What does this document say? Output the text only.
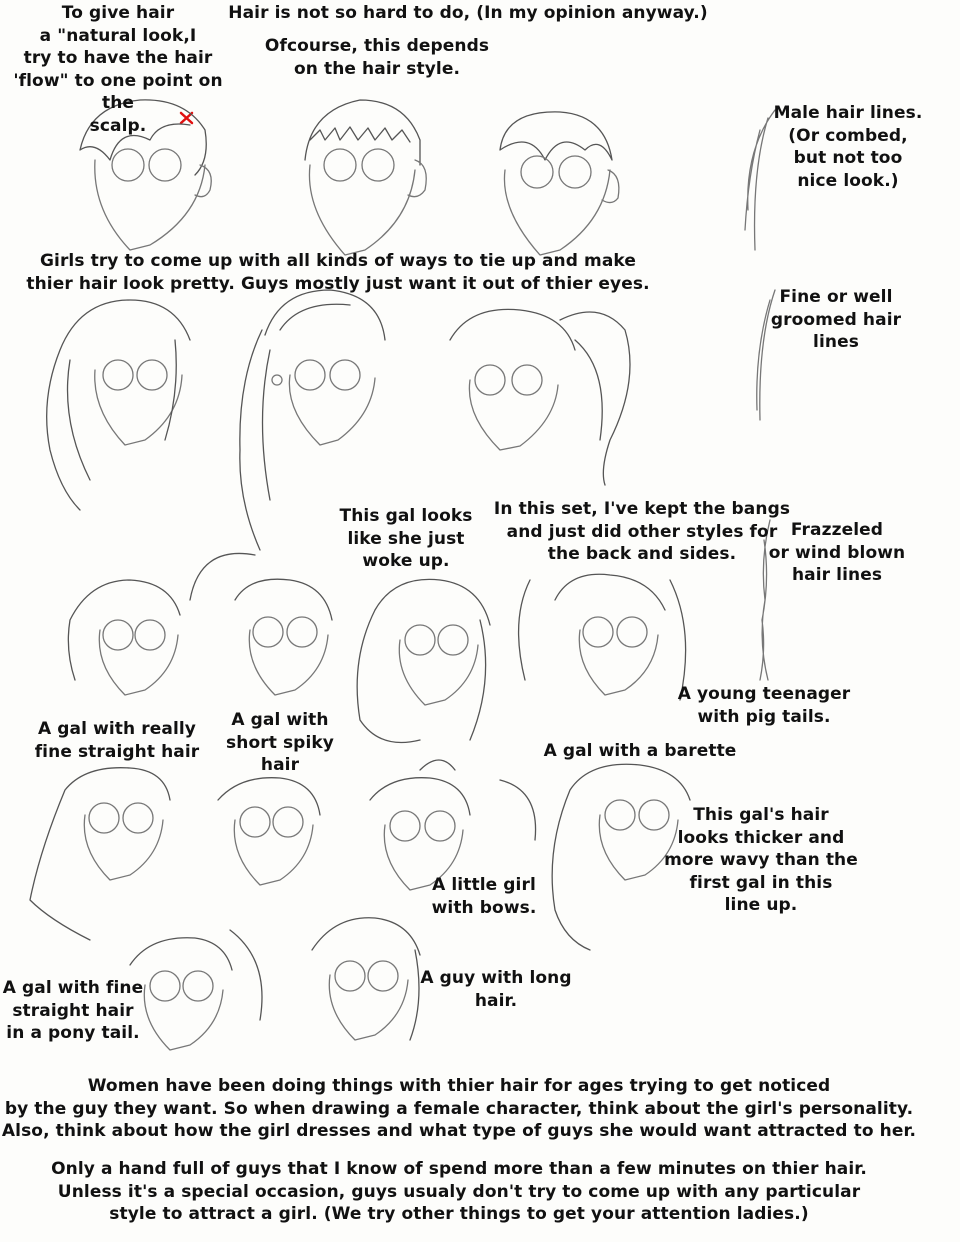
Hair is not so hard to do, (In my opinion anyway.)
To give hair
a "natural look,I
try to have the hair
'flow" to one point on the
scalp.
Ofcourse, this depends
on the hair style.
Male hair lines.
(Or combed,
but not too
nice look.)
Girls try to come up with all kinds of ways to tie up and make
thier hair look pretty. Guys mostly just want it out of thier eyes.
Fine or well
groomed hair
lines
This gal looks
like she just
woke up.
In this set, I've kept the bangs
and just did other styles for
the back and sides.
Frazzeled
or wind blown
hair lines
A young teenager
with pig tails.
A gal with really
fine straight hair
A gal with
short spiky
hair
A gal with a barette
This gal's hair
looks thicker and
more wavy than the
first gal in this
line up.
A little girl
with bows.
A gal with fine
straight hair
in a pony tail.
A guy with long
hair.
Women have been doing things with thier hair for ages trying to get noticed
by the guy they want. So when drawing a female character, think about the girl's personality.
Also, think about how the girl dresses and what type of guys she would want attracted to her.
Only a hand full of guys that I know of spend more than a few minutes on thier hair.
Unless it's a special occasion, guys usualy don't try to come up with any particular
style to attract a girl. (We try other things to get your attention ladies.)
